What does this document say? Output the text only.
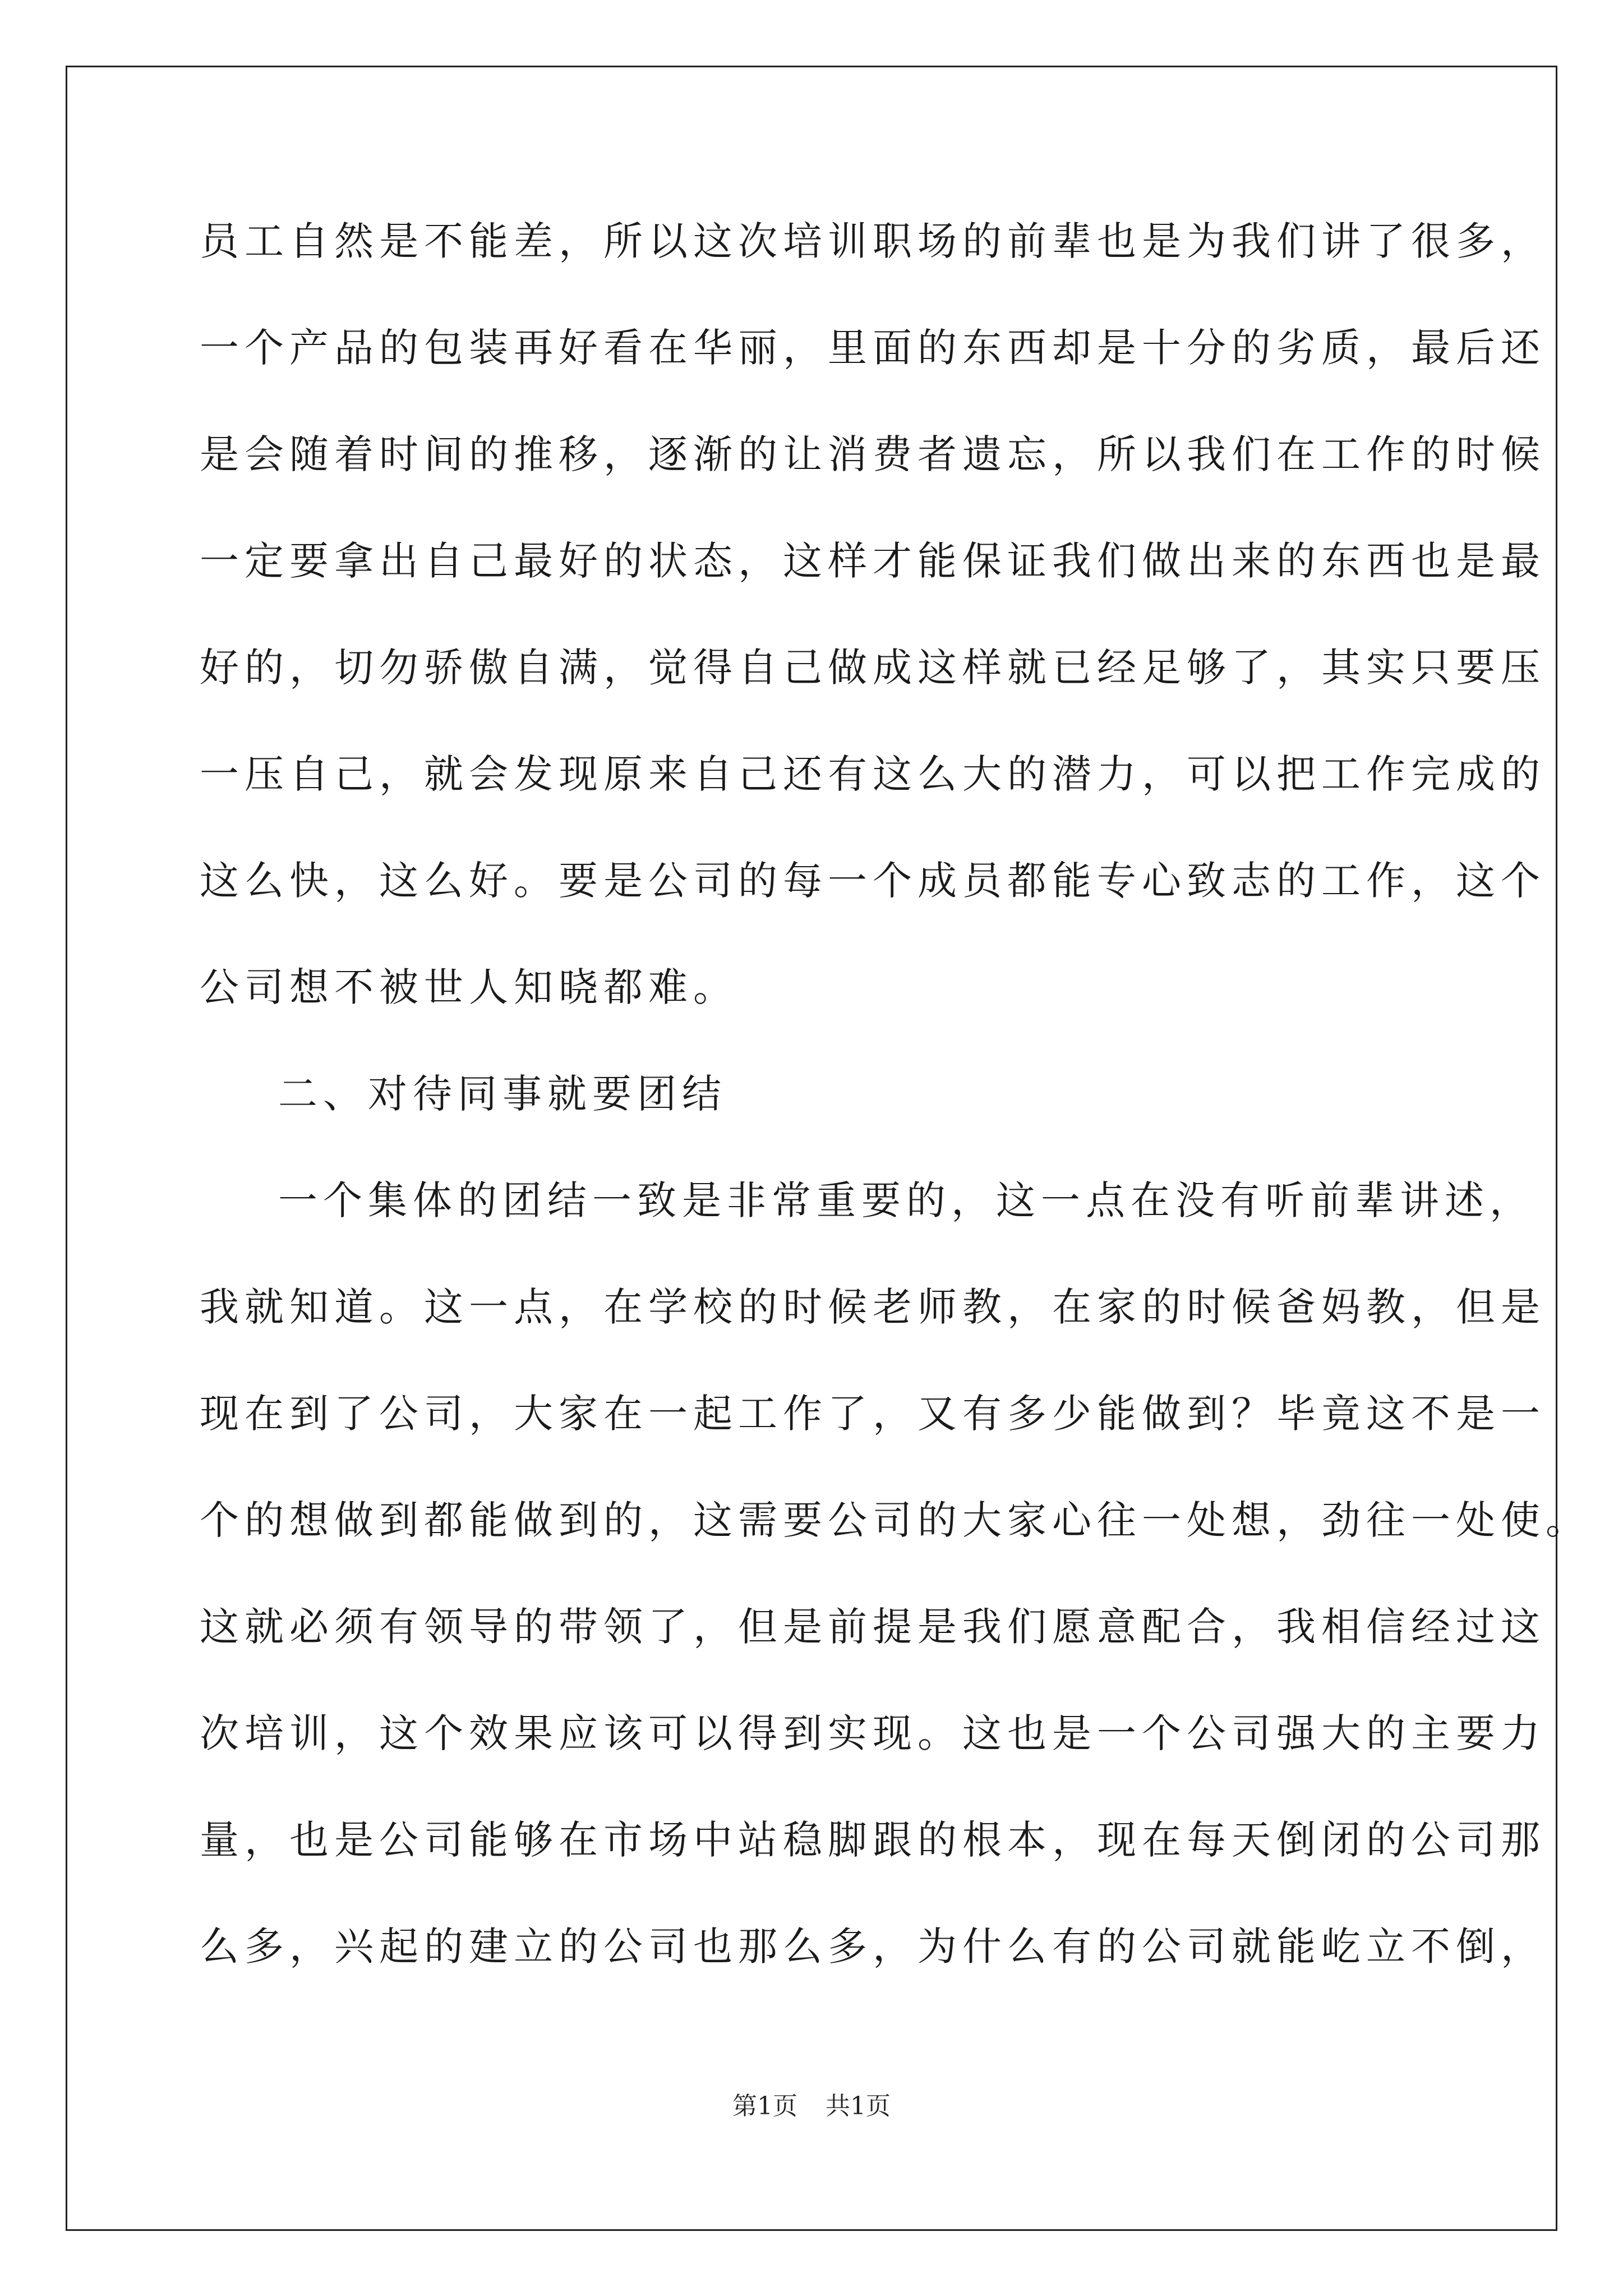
员工自然是不能差，所以这次培训职场的前辈也是为我们讲了很多，
一个产品的包装再好看在华丽，里面的东西却是十分的劣质，最后还
是会随着时间的推移，逐渐的让消费者遗忘，所以我们在工作的时候
一定要拿出自己最好的状态，这样才能保证我们做出来的东西也是最
好的，切勿骄傲自满，觉得自己做成这样就已经足够了，其实只要压
一压自己，就会发现原来自己还有这么大的潜力，可以把工作完成的
这么快，这么好。要是公司的每一个成员都能专心致志的工作，这个
公司想不被世人知晓都难。
二、对待同事就要团结
一个集体的团结一致是非常重要的，这一点在没有听前辈讲述，
我就知道。这一点，在学校的时候老师教，在家的时候爸妈教，但是
现在到了公司，大家在一起工作了，又有多少能做到？毕竟这不是一
个的想做到都能做到的，这需要公司的大家心往一处想，劲往一处使。
这就必须有领导的带领了，但是前提是我们愿意配合，我相信经过这
次培训，这个效果应该可以得到实现。这也是一个公司强大的主要力
量，也是公司能够在市场中站稳脚跟的根本，现在每天倒闭的公司那
么多，兴起的建立的公司也那么多，为什么有的公司就能屹立不倒，
第1页 共1页
